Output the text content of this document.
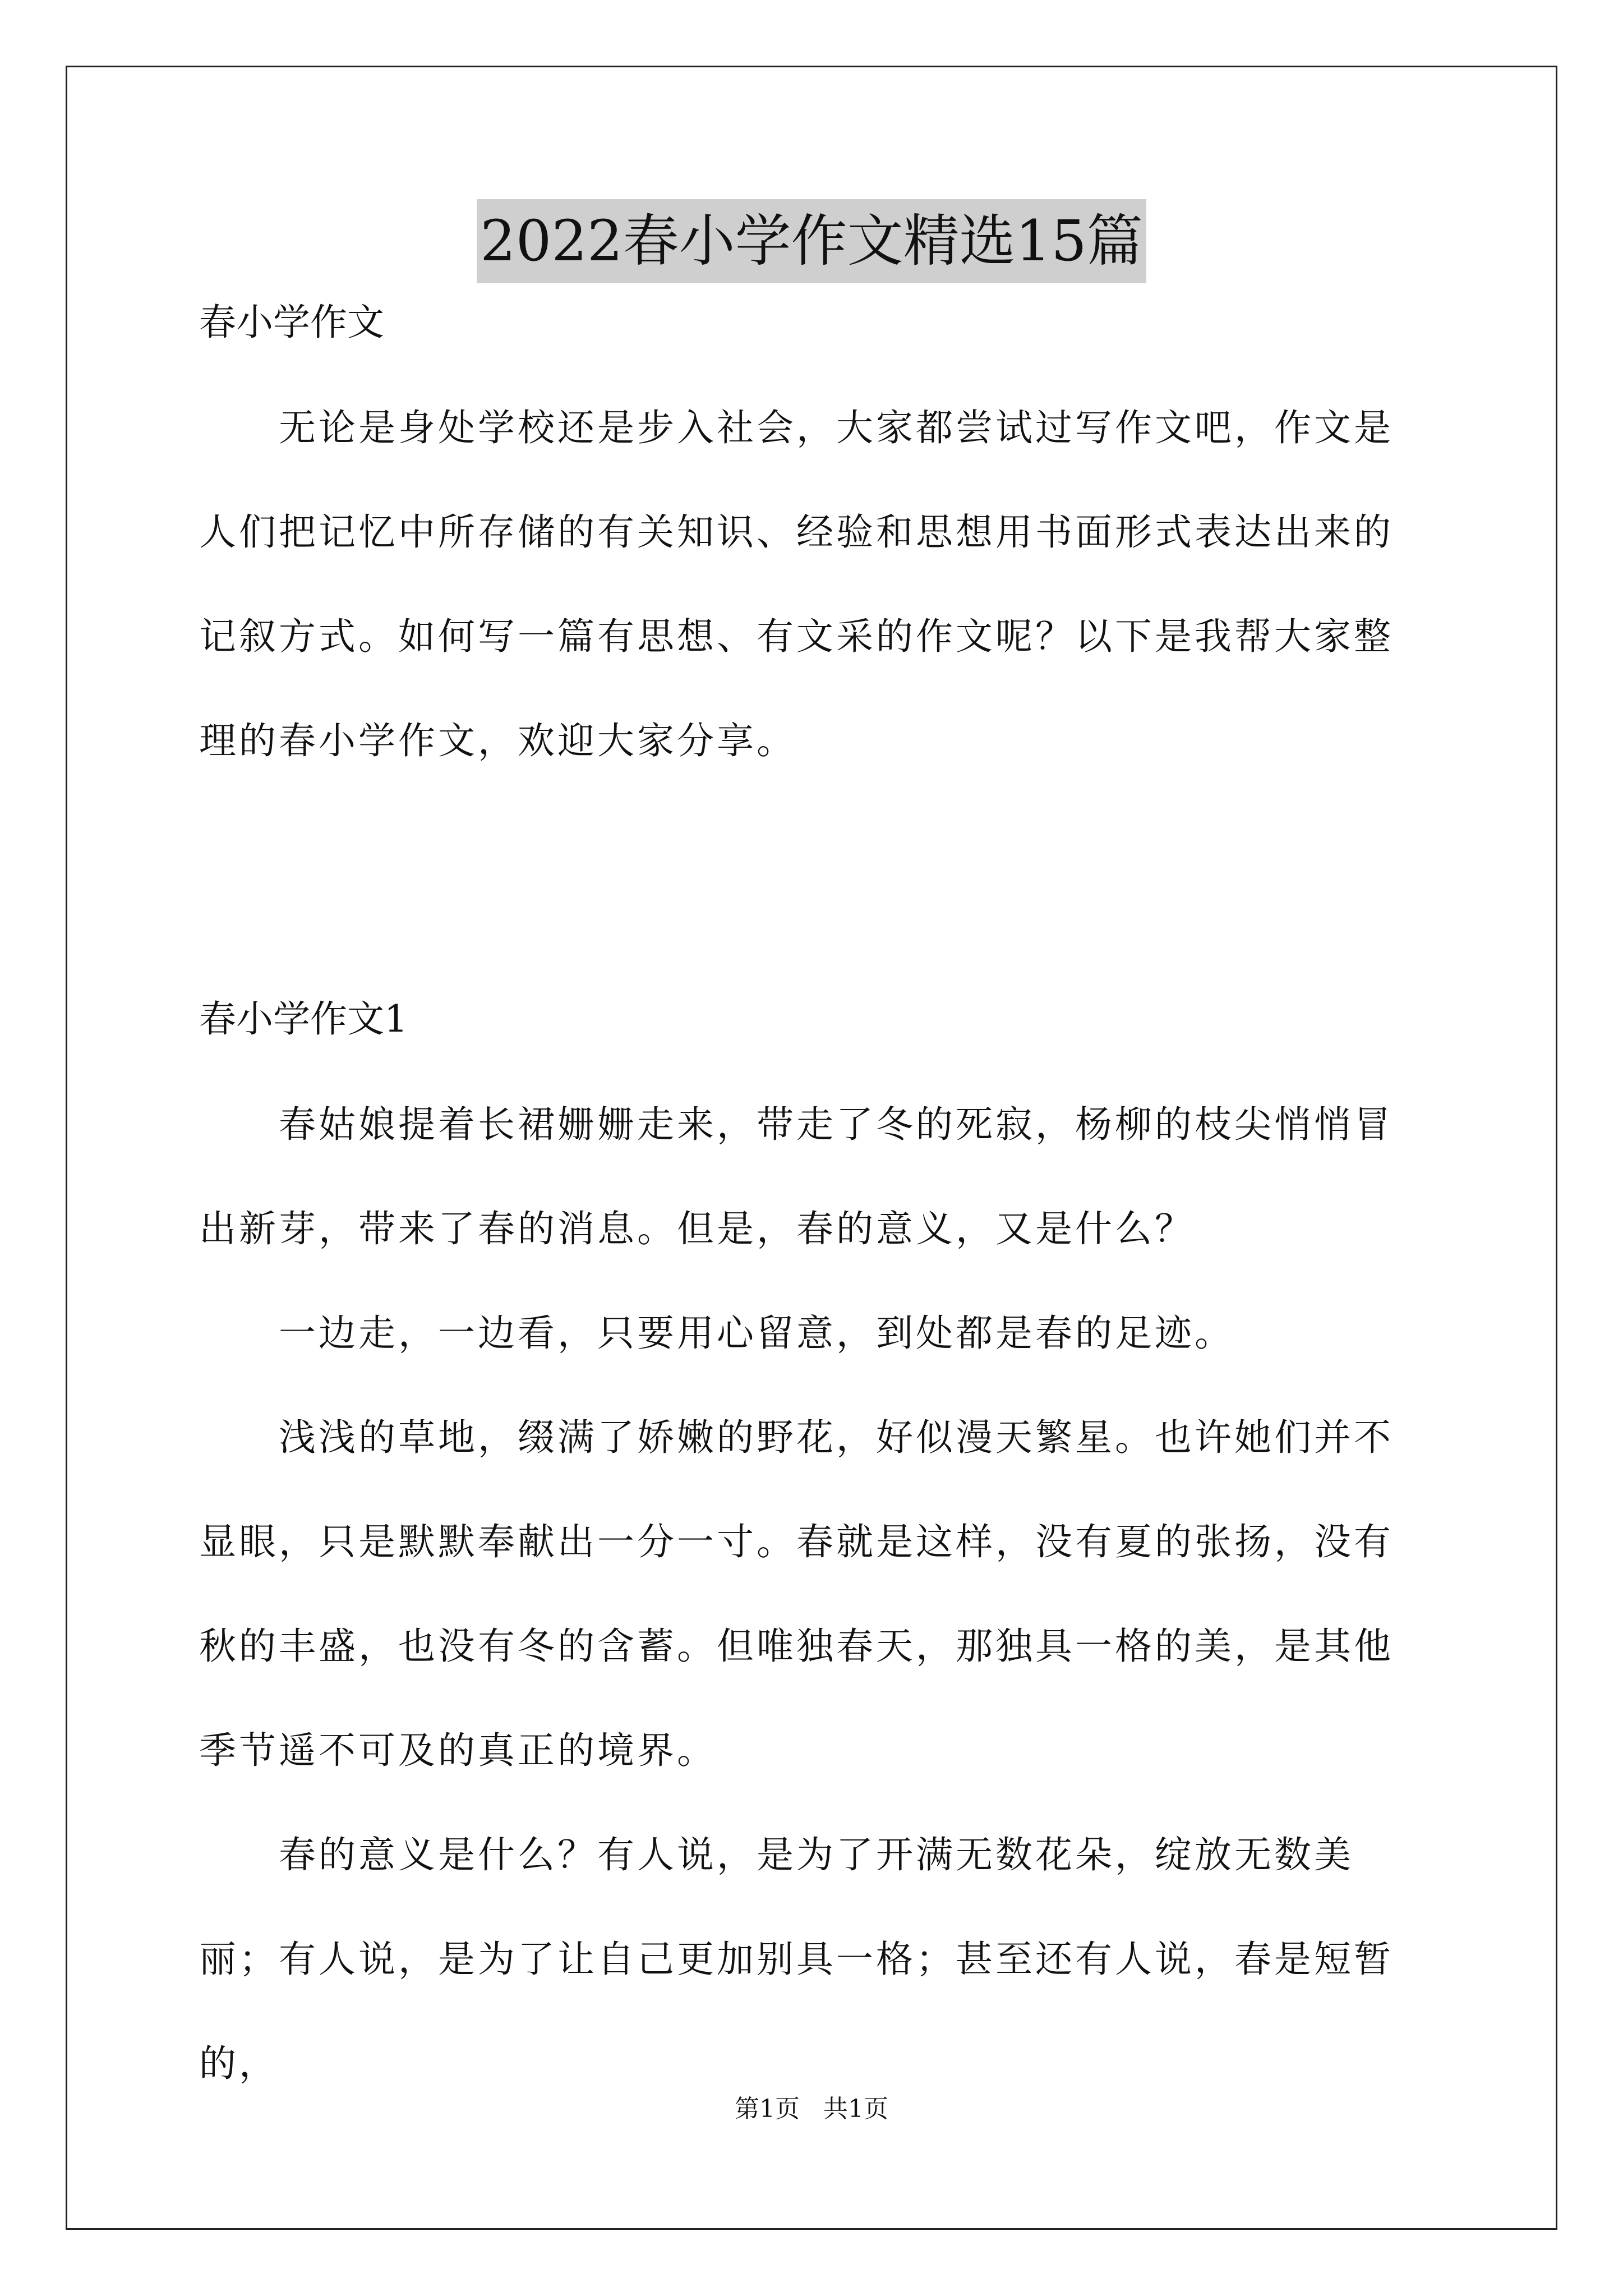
2022春小学作文精选15篇
春小学作文

无论是身处学校还是步入社会，大家都尝试过写作文吧，作文是人们把记忆中所存储的有关知识、经验和思想用书面形式表达出来的记叙方式。如何写一篇有思想、有文采的作文呢？以下是我帮大家整理的春小学作文，欢迎大家分享。

春小学作文1

春姑娘提着长裙姗姗走来，带走了冬的死寂，杨柳的枝尖悄悄冒出新芽，带来了春的消息。但是，春的意义，又是什么？

一边走，一边看，只要用心留意，到处都是春的足迹。

浅浅的草地，缀满了娇嫩的野花，好似漫天繁星。也许她们并不显眼，只是默默奉献出一分一寸。春就是这样，没有夏的张扬，没有秋的丰盛，也没有冬的含蓄。但唯独春天，那独具一格的美，是其他季节遥不可及的真正的境界。

春的意义是什么？有人说，是为了开满无数花朵，绽放无数美丽；有人说，是为了让自己更加别具一格；甚至还有人说，春是短暂的，

第1页   共1页
